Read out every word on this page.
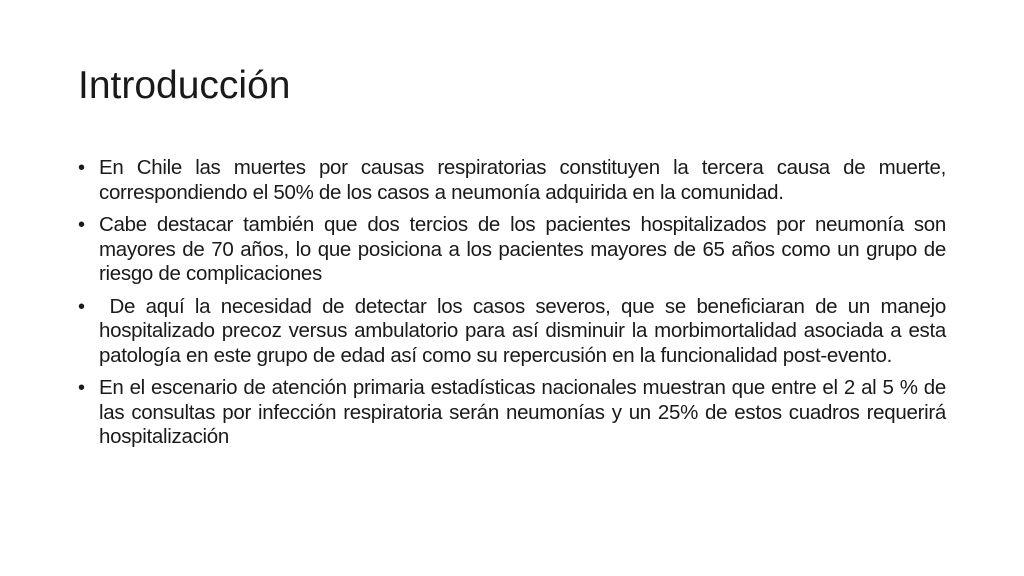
Introducción
• En Chile las muertes por causas respiratorias constituyen la tercera causa de muerte, correspondiendo el 50% de los casos a neumonía adquirida en la comunidad.
• Cabe destacar también que dos tercios de los pacientes hospitalizados por neumonía son mayores de 70 años, lo que posiciona a los pacientes mayores de 65 años como un grupo de riesgo de complicaciones
• De aquí la necesidad de detectar los casos severos, que se beneficiaran de un manejo hospitalizado precoz versus ambulatorio para así disminuir la morbimortalidad asociada a esta patología en este grupo de edad así como su repercusión en la funcionalidad post-evento.
• En el escenario de atención primaria estadísticas nacionales muestran que entre el 2 al 5 % de las consultas por infección respiratoria serán neumonías y un 25% de estos cuadros requerirá hospitalización
